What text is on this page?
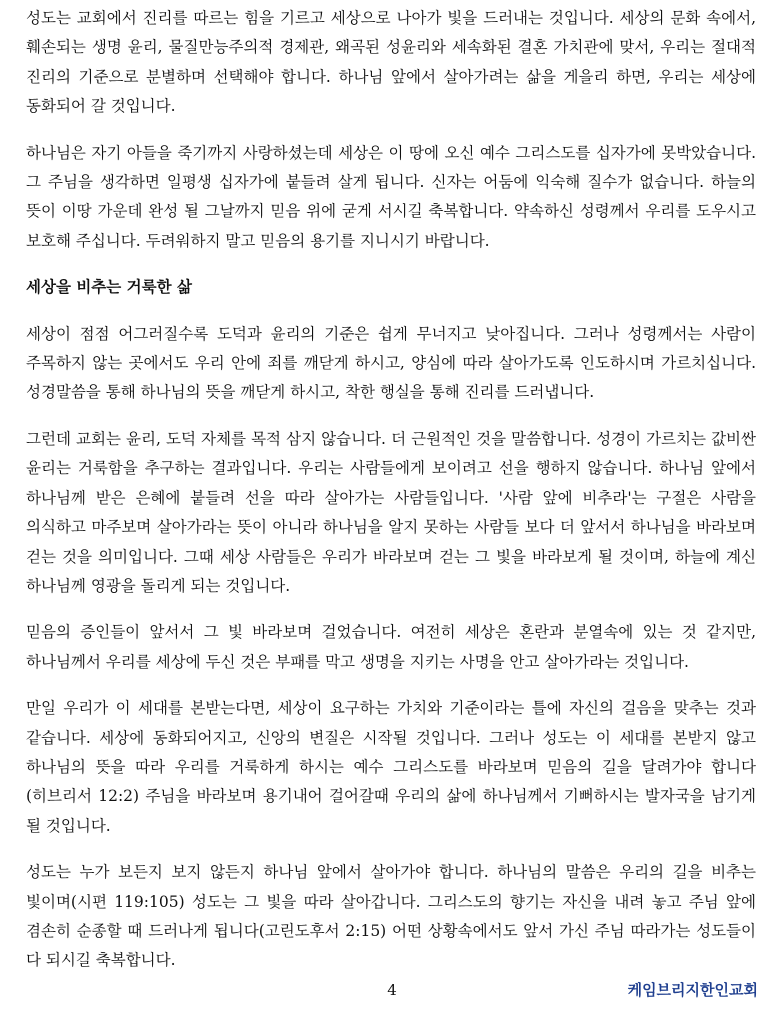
성도는 교회에서 진리를 따르는 힘을 기르고 세상으로 나아가 빛을 드러내는 것입니다. 세상의 문화 속에서, 훼손되는 생명 윤리, 물질만능주의적 경제관, 왜곡된 성윤리와 세속화된 결혼 가치관에 맞서, 우리는 절대적 진리의 기준으로 분별하며 선택해야 합니다. 하나님 앞에서 살아가려는 삶을 게을리 하면, 우리는 세상에 동화되어 갈 것입니다.

하나님은 자기 아들을 죽기까지 사랑하셨는데 세상은 이 땅에 오신 예수 그리스도를 십자가에 못박았습니다. 그 주님을 생각하면 일평생 십자가에 붙들려 살게 됩니다. 신자는 어둠에 익숙해 질수가 없습니다. 하늘의 뜻이 이땅 가운데 완성 될 그날까지 믿음 위에 굳게 서시길 축복합니다. 약속하신 성령께서 우리를 도우시고 보호해 주십니다. 두려워하지 말고 믿음의 용기를 지니시기 바랍니다.

세상을 비추는 거룩한 삶

세상이 점점 어그러질수록 도덕과 윤리의 기준은 쉽게 무너지고 낮아집니다. 그러나 성령께서는 사람이 주목하지 않는 곳에서도 우리 안에 죄를 깨닫게 하시고, 양심에 따라 살아가도록 인도하시며 가르치십니다. 성경말씀을 통해 하나님의 뜻을 깨닫게 하시고, 착한 행실을 통해 진리를 드러냅니다.

그런데 교회는 윤리, 도덕 자체를 목적 삼지 않습니다. 더 근원적인 것을 말씀합니다. 성경이 가르치는 값비싼 윤리는 거룩함을 추구하는 결과입니다. 우리는 사람들에게 보이려고 선을 행하지 않습니다. 하나님 앞에서 하나님께 받은 은혜에 붙들려 선을 따라 살아가는 사람들입니다. '사람 앞에 비추라'는 구절은 사람을 의식하고 마주보며 살아가라는 뜻이 아니라 하나님을 알지 못하는 사람들 보다 더 앞서서 하나님을 바라보며 걷는 것을 의미입니다. 그때 세상 사람들은 우리가 바라보며 걷는 그 빛을 바라보게 될 것이며, 하늘에 계신 하나님께 영광을 돌리게 되는 것입니다.

믿음의 증인들이 앞서서 그 빛 바라보며 걸었습니다. 여전히 세상은 혼란과 분열속에 있는 것 같지만, 하나님께서 우리를 세상에 두신 것은 부패를 막고 생명을 지키는 사명을 안고 살아가라는 것입니다.

만일 우리가 이 세대를 본받는다면, 세상이 요구하는 가치와 기준이라는 틀에 자신의 걸음을 맞추는 것과 같습니다. 세상에 동화되어지고, 신앙의 변질은 시작될 것입니다. 그러나 성도는 이 세대를 본받지 않고 하나님의 뜻을 따라 우리를 거룩하게 하시는 예수 그리스도를 바라보며 믿음의 길을 달려가야 합니다 (히브리서 12:2) 주님을 바라보며 용기내어 걸어갈때 우리의 삶에 하나님께서 기뻐하시는 발자국을 남기게 될 것입니다.

성도는 누가 보든지 보지 않든지 하나님 앞에서 살아가야 합니다. 하나님의 말씀은 우리의 길을 비추는 빛이며(시편 119:105) 성도는 그 빛을 따라 살아갑니다. 그리스도의 향기는 자신을 내려 놓고 주님 앞에 겸손히 순종할 때 드러나게 됩니다(고린도후서 2:15) 어떤 상황속에서도 앞서 가신 주님 따라가는 성도들이 다 되시길 축복합니다.

4	케임브리지한인교회
